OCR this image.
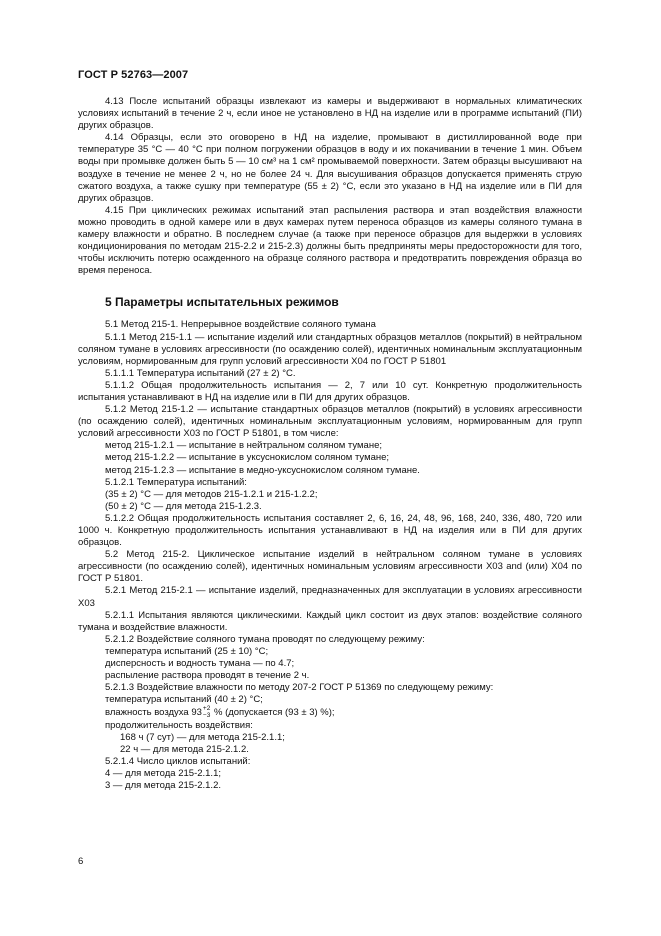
ГОСТ Р 52763—2007

4.13 После испытаний образцы извлекают из камеры и выдерживают в нормальных климатических условиях испытаний в течение 2 ч, если иное не установлено в НД на изделие или в программе испытаний (ПИ) других образцов.

4.14 Образцы, если это оговорено в НД на изделие, промывают в дистиллированной воде при температуре 35 °С — 40 °С при полном погружении образцов в воду и их покачивании в течение 1 мин. Объем воды при промывке должен быть 5 — 10 см³ на 1 см² промываемой поверхности. Затем образцы высушивают на воздухе в течение не менее 2 ч, но не более 24 ч. Для высушивания образцов допускается применять струю сжатого воздуха, а также сушку при температуре (55 ± 2) °С, если это указано в НД на изделие или в ПИ для других образцов.

4.15 При циклических режимах испытаний этап распыления раствора и этап воздействия влажности можно проводить в одной камере или в двух камерах путем переноса образцов из камеры соляного тумана в камеру влажности и обратно. В последнем случае (а также при переносе образцов для выдержки в условиях кондиционирования по методам 215-2.2 и 215-2.3) должны быть предприняты меры предосторожности для того, чтобы исключить потерю осажденного на образце соляного раствора и предотвратить повреждения образца во время переноса.

5 Параметры испытательных режимов

5.1 Метод 215-1. Непрерывное воздействие соляного тумана

5.1.1 Метод 215-1.1 — испытание изделий или стандартных образцов металлов (покрытий) в нейтральном соляном тумане в условиях агрессивности (по осаждению солей), идентичных номинальным эксплуатационным условиям, нормированным для групп условий агрессивности Х04 по ГОСТ Р 51801

5.1.1.1 Температура испытаний (27 ± 2) °С.

5.1.1.2 Общая продолжительность испытания — 2, 7 или 10 сут. Конкретную продолжительность испытания устанавливают в НД на изделие или в ПИ для других образцов.

5.1.2 Метод 215-1.2 — испытание стандартных образцов металлов (покрытий) в условиях агрессивности (по осаждению солей), идентичных номинальным эксплуатационным условиям, нормированным для групп условий агрессивности Х03 по ГОСТ Р 51801, в том числе:

метод 215-1.2.1 — испытание в нейтральном соляном тумане;

метод 215-1.2.2 — испытание в уксуснокислом соляном тумане;

метод 215-1.2.3 — испытание в медно-уксуснокислом соляном тумане.

5.1.2.1 Температура испытаний:

(35 ± 2) °С — для методов 215-1.2.1 и 215-1.2.2;

(50 ± 2) °С — для метода 215-1.2.3.

5.1.2.2 Общая продолжительность испытания составляет 2, 6, 16, 24, 48, 96, 168, 240, 336, 480, 720 или 1000 ч. Конкретную продолжительность испытания устанавливают в НД на изделия или в ПИ для других образцов.

5.2 Метод 215-2. Циклическое испытание изделий в нейтральном соляном тумане в условиях агрессивности (по осаждению солей), идентичных номинальным условиям агрессивности Х03 and (или) Х04 по ГОСТ Р 51801.

5.2.1 Метод 215-2.1 — испытание изделий, предназначенных для эксплуатации в условиях агрессивности Х03

5.2.1.1 Испытания являются циклическими. Каждый цикл состоит из двух этапов: воздействие соляного тумана и воздействие влажности.

5.2.1.2 Воздействие соляного тумана проводят по следующему режиму:

температура испытаний (25 ± 10) °С;

дисперсность и водность тумана — по 4.7;

распыление раствора проводят в течение 2 ч.

5.2.1.3 Воздействие влажности по методу 207-2 ГОСТ Р 51369 по следующему режиму:

температура испытаний (40 ± 2) °С;

влажность воздуха 93 +2
−3 % (допускается (93 ± 3) %);

продолжительность воздействия:

168 ч (7 сут) — для метода 215-2.1.1;

22 ч — для метода 215-2.1.2.

5.2.1.4 Число циклов испытаний:

4 — для метода 215-2.1.1;

3 — для метода 215-2.1.2.

6
